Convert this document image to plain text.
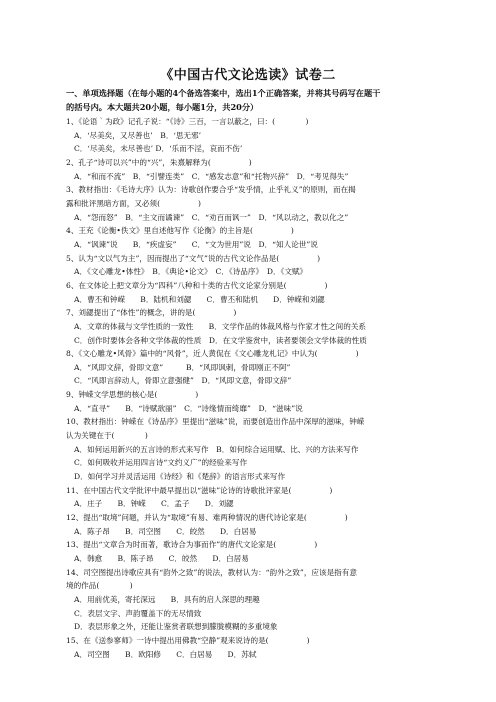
《中国古代文论选读》试卷二
一、单项选择题（在每小题的4个备选答案中，选出1个正确答案，并将其号码写在题干
的括号内。本大题共20小题，每小题1分，共20分）
1、《论语｀为政》记孔子说：“《诗》三百，一言以蔽之，曰：(　　　　)
A．‘尽美矣，又尽善也’　B．‘思无邪’
C．‘尽美矣，未尽善也’ D．‘乐而不淫，哀而不伤’
2、孔子“诗可以兴”中的“兴”，朱熹解释为(　　　　　)
A．“和而不流”　B．“引譬连类”　C．“感发志意”和“托物兴辞”　D．“考见得失”
3、教材指出：《毛诗大序》认为：诗歌创作要合乎“发乎情，止乎礼义”的原则，而在揭
露和批评黑暗方面，又必须(　　　　　)
A．“怨而怒”　B．“主文而谲谏”　C．“劝百而讽一”　D．“风以动之，教以化之”
4、王充《论衡•佚文》里自述他写作《论衡》的主旨是(　　　　　)
A．“讽谏”说　　B．“疾虚妄”　　C．“文为世用”说　D．“知人论世”说
5、认为“文以气为主”，因而提出了“文气”说的古代文论作品是(　　　　　)
A．《文心雕龙•体性》　B．《典论•论文》　C．《诗品序》　D．《文赋》
6、在文体论上把文章分为“四科”八种和十类的古代文论家分别是(　　　　　)
A．曹丕和钟嵘　　B．陆机和刘勰　　C．曹丕和陆机　　D．钟嵘和刘勰
7、刘勰提出了“体性”的概念，讲的是(　　　　　)
A．文章的体裁与文学性质的一致性　　B．文学作品的体裁风格与作家才性之间的关系
C．创作时要体会各种文学体裁的性质　D．在文学鉴赏中，读者要领会文学体裁的性质
8、《文心雕龙•风骨》篇中的“风骨”，近人黄侃在《文心雕龙札记》中认为(　　　　　)
A．“风即文辞，骨即文意”　　　B．“风即讽刺，骨即刚正不阿”
C．“风即言辞动人，骨即立意强健”　D．“风即文意，骨即文辞”
9、钟嵘文学思想的核心是(　　　　　)
A．“直寻”　　B．“诗赋欲丽”　C．“诗缘情而绮靡”　D．“滋味”说
10、教材指出：钟嵘在《诗品序》里提出“滋味”说，而要创造出作品中深厚的滋味，钟嵘
认为关键在于(　　　　)
A．如何运用新兴的五言诗的形式来写作　B．如何综合运用赋、比、兴的方法来写作
C．如何吸收并运用四言诗“文约义广”的经验来写作
D．如何学习并灵活运用《诗经》和《楚辞》的语言形式来写作
11、在中国古代文学批评中最早提出以“滋味”论诗的诗歌批评家是(　　　　　)
A．庄子　　B．钟嵘　　C．孟子　　D．刘勰
12、提出“取境”问题，并认为“取境”有易、难两种情况的唐代诗论家是(　　　　　)
A．陈子昂　　B．司空图　　C．皎然　　D．白居易
13、提出“文章合为时而著，歌诗合为事而作”的唐代文论家是(　　　　　)
A．韩愈　　B．陈子昂　　C．皎然　　D．白居易
14、司空图提出诗歌应具有“韵外之致”的说法，教材认为：“韵外之致”，应该是指有意
境的作品(　　　　)
A．用前优美，寄托深远　　B．具有的启人深思的理趣
C．表层文字、声韵覆盖下的无尽情致
D．表层形象之外，还能让鉴赏者联想到朦胧模糊的多重境象
15、在《送参寥师》一诗中提出用佛教“空静”观来说诗的是(　　　　　)
A．司空图　　B．欧阳修　　C．白居易　　D．苏轼
